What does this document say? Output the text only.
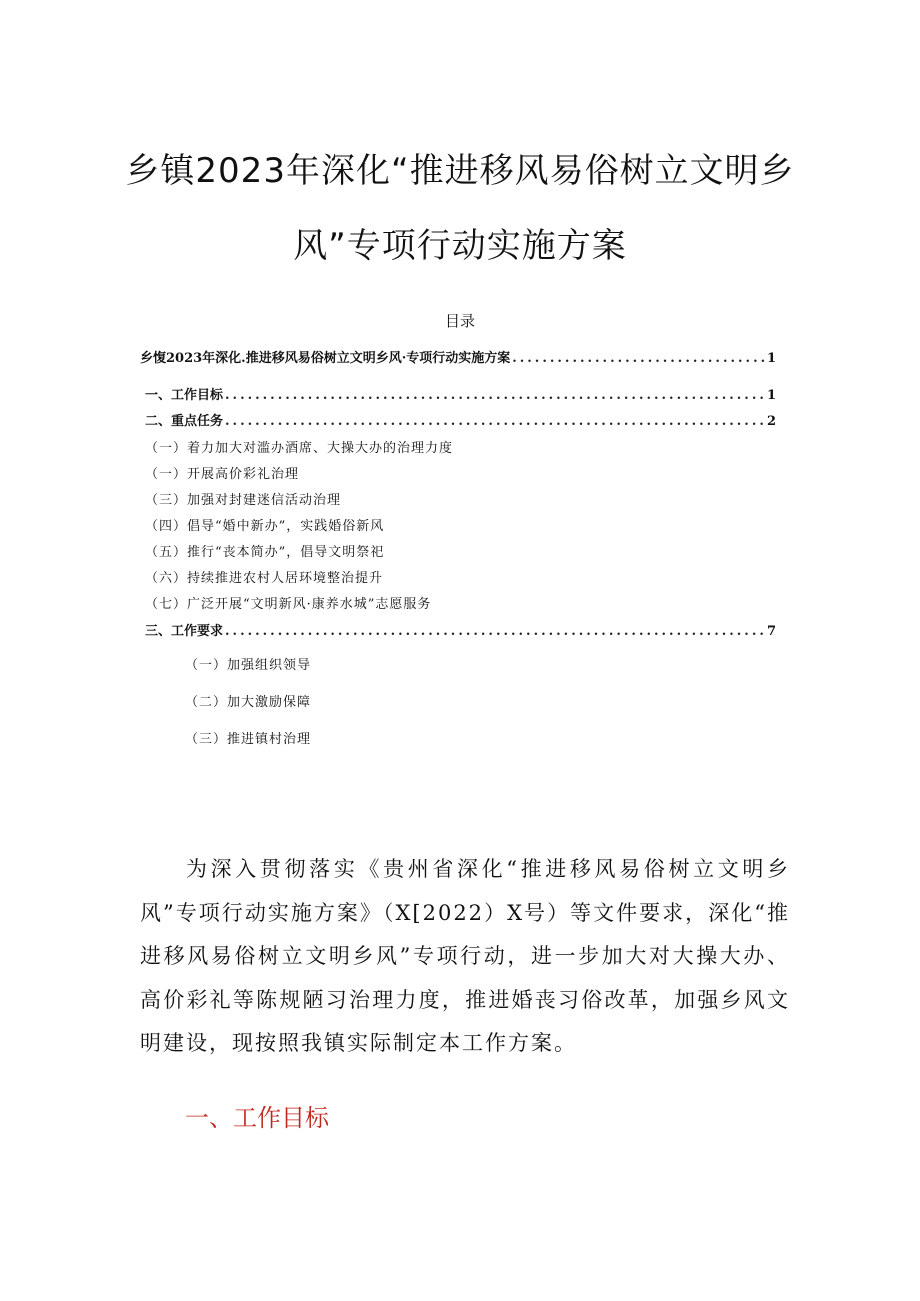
乡镇2023年深化“推进移风易俗树立文明乡
风”专项行动实施方案
目录
乡愎2023年深化.推进移风易俗树立文明乡风·专项行动实施方案 .....	1
一、工作目标 .....	1
二、重点任务 .....	2
（一）着力加大对滥办酒席、大操大办的治理力度
（一）开展高价彩礼治理
（三）加强对封建迷信活动治理
（四）倡导“婚中新办”，实践婚俗新风
（五）推行“丧本简办”，倡导文明祭祀
（六）持续推进农村人居环境整治提升
（七）广泛开展“文明新风·康养水城”志愿服务
三、工作要求 .....	7
（一）加强组织领导
（二）加大激励保障
（三）推进镇村治理

为深入贯彻落实《贵州省深化“推进移风易俗树立文明乡风”专项行动实施方案》（X[2022）X号）等文件要求，深化“推进移风易俗树立文明乡风”专项行动，进一步加大对大操大办、高价彩礼等陈规陋习治理力度，推进婚丧习俗改革，加强乡风文明建设，现按照我镇实际制定本工作方案。

一、工作目标
